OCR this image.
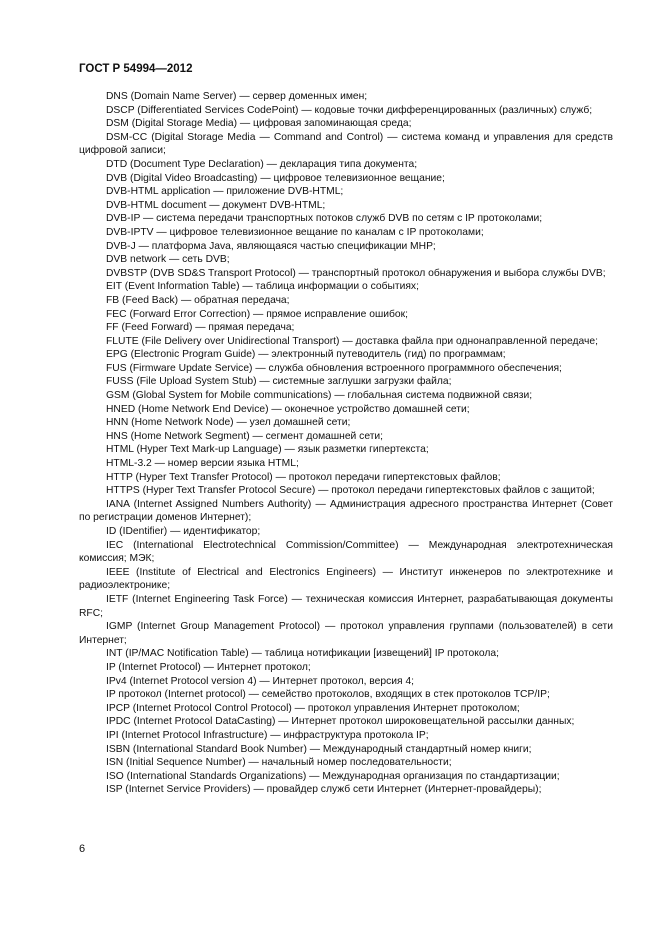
ГОСТ Р 54994—2012

DNS (Domain Name Server) — сервер доменных имен;

DSCP (Differentiated Services CodePoint) — кодовые точки дифференцированных (различных) служб;

DSM (Digital Storage Media) — цифровая запоминающая среда;

DSM-CC (Digital Storage Media — Command and Control) — система команд и управления для средств цифровой записи;

DTD (Document Type Declaration) — декларация типа документа;

DVB (Digital Video Broadcasting) — цифровое телевизионное вещание;

DVB-HTML application — приложение DVB-HTML;

DVB-HTML document — документ DVB-HTML;

DVB-IP — система передачи транспортных потоков служб DVB по сетям с IP протоколами;

DVB-IPTV — цифровое телевизионное вещание по каналам с IP протоколами;

DVB-J — платформа Java, являющаяся частью спецификации MHP;

DVB network — сеть DVB;

DVBSTP (DVB SD&S Transport Protocol) — транспортный протокол обнаружения и выбора службы DVB;

EIT (Event Information Table) — таблица информации о событиях;

FB (Feed Back) — обратная передача;

FEC (Forward Error Correction) — прямое исправление ошибок;

FF (Feed Forward) — прямая передача;

FLUTE (File Delivery over Unidirectional Transport) — доставка файла при однонаправленной передаче;

EPG (Electronic Program Guide) — электронный путеводитель (гид) по программам;

FUS (Firmware Update Service) — служба обновления встроенного программного обеспечения;

FUSS (File Upload System Stub) — системные заглушки загрузки файла;

GSM (Global System for Mobile communications) — глобальная система подвижной связи;

HNED (Home Network End Device) — оконечное устройство домашней сети;

HNN (Home Network Node) — узел домашней сети;

HNS (Home Network Segment) — сегмент домашней сети;

HTML (Hyper Text Mark-up Language) — язык разметки гипертекста;

HTML-3.2 — номер версии языка HTML;

HTTP (Hyper Text Transfer Protocol) — протокол передачи гипертекстовых файлов;

HTTPS (Hyper Text Transfer Protocol Secure) — протокол передачи гипертекстовых файлов с защитой;

IANA (Internet Assigned Numbers Authority) — Администрация адресного пространства Интернет (Совет по регистрации доменов Интернет);

ID (IDentifier) — идентификатор;

IEC (International Electrotechnical Commission/Committee) — Международная электротехническая комиссия; МЭК;

IEEE (Institute of Electrical and Electronics Engineers) — Институт инженеров по электротехнике и радиоэлектронике;

IETF (Internet Engineering Task Force) — техническая комиссия Интернет, разрабатывающая документы RFC;

IGMP (Internet Group Management Protocol) — протокол управления группами (пользователей) в сети Интернет;

INT (IP/MAC Notification Table) — таблица нотификации [извещений] IP протокола;

IP (Internet Protocol) — Интернет протокол;

IPv4 (Internet Protocol version 4) — Интернет протокол, версия 4;

IP протокол (Internet protocol) — семейство протоколов, входящих в стек протоколов TCP/IP;

IPCP (Internet Protocol Control Protocol) — протокол управления Интернет протоколом;

IPDC (Internet Protocol DataCasting) — Интернет протокол широковещательной рассылки данных;

IPI (Internet Protocol Infrastructure) — инфраструктура протокола IP;

ISBN (International Standard Book Number) — Международный стандартный номер книги;

ISN (Initial Sequence Number) — начальный номер последовательности;

ISO (International Standards Organizations) — Международная организация по стандартизации;

ISP (Internet Service Providers) — провайдер служб сети Интернет (Интернет-провайдеры);

6
